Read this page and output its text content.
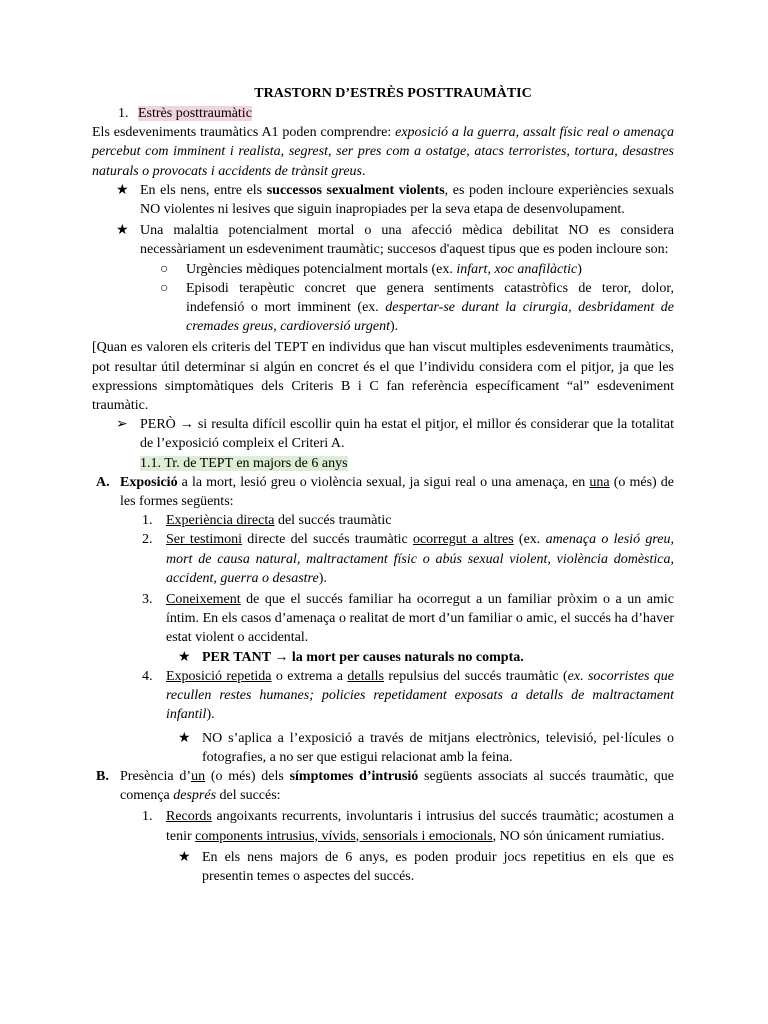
TRASTORN D’ESTRÈS POSTTRAUMÀTIC

1. Estrès posttraumàtic

Els esdeveniments traumàtics A1 poden comprendre: exposició a la guerra, assalt físic real o amenaça percebut com imminent i realista, segrest, ser pres com a ostatge, atacs terroristes, tortura, desastres naturals o provocats i accidents de trànsit greus.

★ En els nens, entre els successos sexualment violents, es poden incloure experiències sexuals NO violentes ni lesives que siguin inapropiades per la seva etapa de desenvolupament.
★ Una malaltia potencialment mortal o una afecció mèdica debilitat NO es considera necessàriament un esdeveniment traumàtic; succesos d'aquest tipus que es poden incloure son:
○ Urgències mèdiques potencialment mortals (ex. infart, xoc anafilàctic)
○ Episodi terapèutic concret que genera sentiments catastròfics de teror, dolor, indefensió o mort imminent (ex. despertar-se durant la cirurgia, desbridament de cremades greus, cardioversió urgent).

[Quan es valoren els criteris del TEPT en individus que han viscut multiples esdeveniments traumàtics, pot resultar útil determinar si algún en concret és el que l’individu considera com el pitjor, ja que les expressions simptomàtiques dels Criteris B i C fan referència específicament “al” esdeveniment traumàtic.

➢ PERÒ → si resulta difícil escollir quin ha estat el pitjor, el millor és considerar que la totalitat de l’exposició compleix el Criteri A.
1.1. Tr. de TEPT en majors de 6 anys
A. Exposició a la mort, lesió greu o violència sexual, ja sigui real o una amenaça, en una (o més) de les formes següents:
1. Experiència directa del succés traumàtic
2. Ser testimoni directe del succés traumàtic ocorregut a altres (ex. amenaça o lesió greu, mort de causa natural, maltractament físic o abús sexual violent, violència domèstica, accident, guerra o desastre).
3. Coneixement de que el succés familiar ha ocorregut a un familiar pròxim o a un amic íntim. En els casos d’amenaça o realitat de mort d’un familiar o amic, el succés ha d’haver estat violent o accidental.
★ PER TANT → la mort per causes naturals no compta.
4. Exposició repetida o extrema a detalls repulsius del succés traumàtic (ex. socorristes que recullen restes humanes; policies repetidament exposats a detalls de maltractament infantil).
★ NO s’aplica a l’exposició a través de mitjans electrònics, televisió, pel·lícules o fotografies, a no ser que estigui relacionat amb la feina.
B. Presència d’un (o més) dels símptomes d’intrusió següents associats al succés traumàtic, que comença després del succés:
1. Records angoixants recurrents, involuntaris i intrusius del succés traumàtic; acostumen a tenir components intrusius, vívids, sensorials i emocionals, NO són únicament rumiatius.
★ En els nens majors de 6 anys, es poden produir jocs repetitius en els que es presentin temes o aspectes del succés.
